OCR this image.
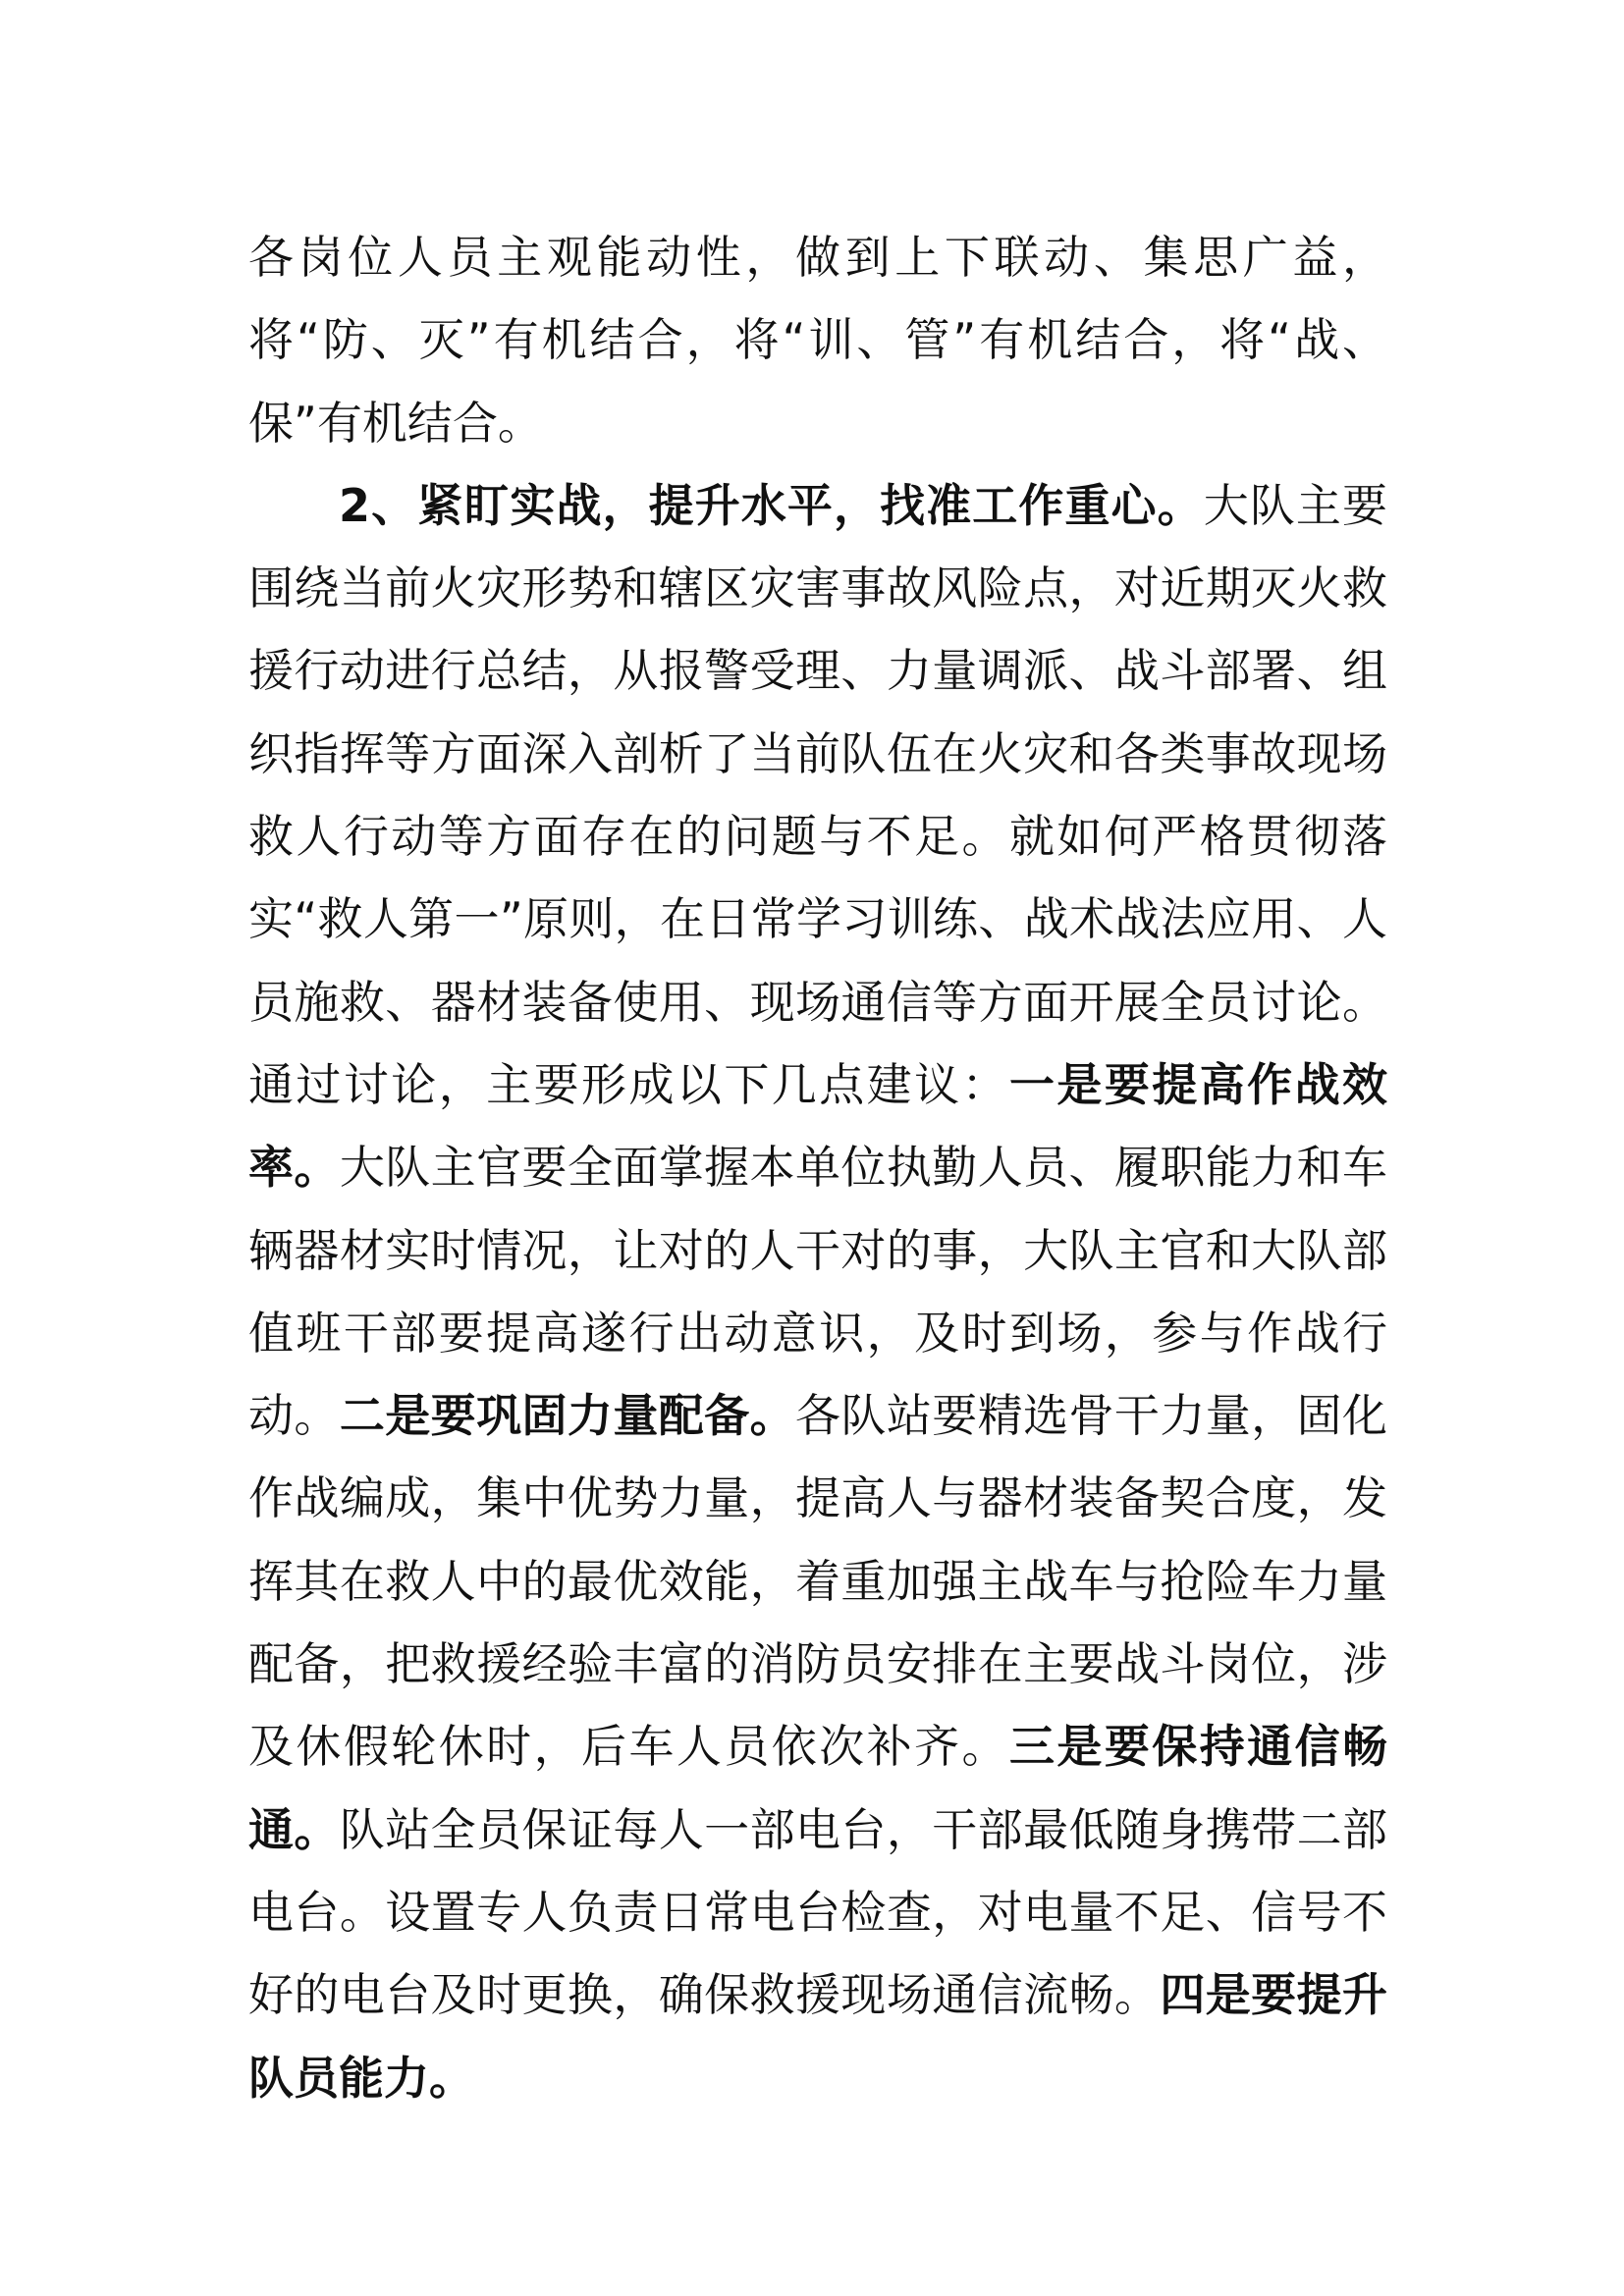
各岗位人员主观能动性，做到上下联动、集思广益，将“防、灭”有机结合，将“训、管”有机结合，将“战、保”有机结合。

2、紧盯实战，提升水平，找准工作重心。大队主要围绕当前火灾形势和辖区灾害事故风险点，对近期灭火救援行动进行总结，从报警受理、力量调派、战斗部署、组织指挥等方面深入剖析了当前队伍在火灾和各类事故现场救人行动等方面存在的问题与不足。就如何严格贯彻落实“救人第一”原则，在日常学习训练、战术战法应用、人员施救、器材装备使用、现场通信等方面开展全员讨论。通过讨论，主要形成以下几点建议：一是要提高作战效率。大队主官要全面掌握本单位执勤人员、履职能力和车辆器材实时情况，让对的人干对的事，大队主官和大队部值班干部要提高遂行出动意识，及时到场，参与作战行动。二是要巩固力量配备。各队站要精选骨干力量，固化作战编成，集中优势力量，提高人与器材装备契合度，发挥其在救人中的最优效能，着重加强主战车与抢险车力量配备，把救援经验丰富的消防员安排在主要战斗岗位，涉及休假轮休时，后车人员依次补齐。三是要保持通信畅通。队站全员保证每人一部电台，干部最低随身携带二部电台。设置专人负责日常电台检查，对电量不足、信号不好的电台及时更换，确保救援现场通信流畅。四是要提升队员能力。
